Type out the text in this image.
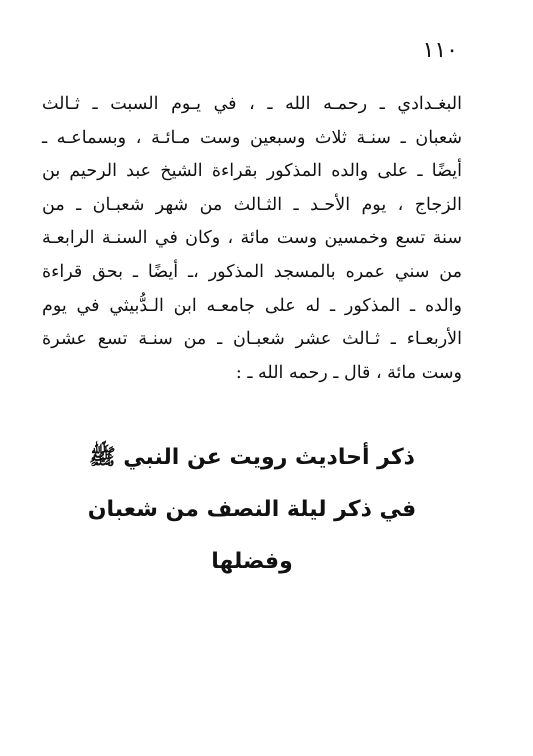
١١٠
البغـدادي ـ رحمـه الله ـ ، في يـوم السبت ـ ثـالث
شعبان ـ سنـة ثلاث وسبعين وست مـائـة ، وبسماعـه ـ
أيضًا ـ على والده المذكور بقراءة الشيخ عبد الرحيم بن
الزجاج ، يوم الأحـد ـ الثـالث من شهر شعبـان ـ من
سنة تسع وخمسين وست مائة ، وكان في السنـة الرابعـة
من سني عمره بالمسجد المذكور ،ـ أيضًا ـ بحق قراءة
والده ـ المذكور ـ له على جامعـه ابن الـدُّبيثي في يوم
الأربعـاء ـ ثـالث عشر شعبـان ـ من سنـة تسع عشرة
وست مائة ، قال ـ رحمه الله ـ :
ذكر أحاديث رويت عن النبي ﷺ
في ذكر ليلة النصف من شعبان
وفضلها
